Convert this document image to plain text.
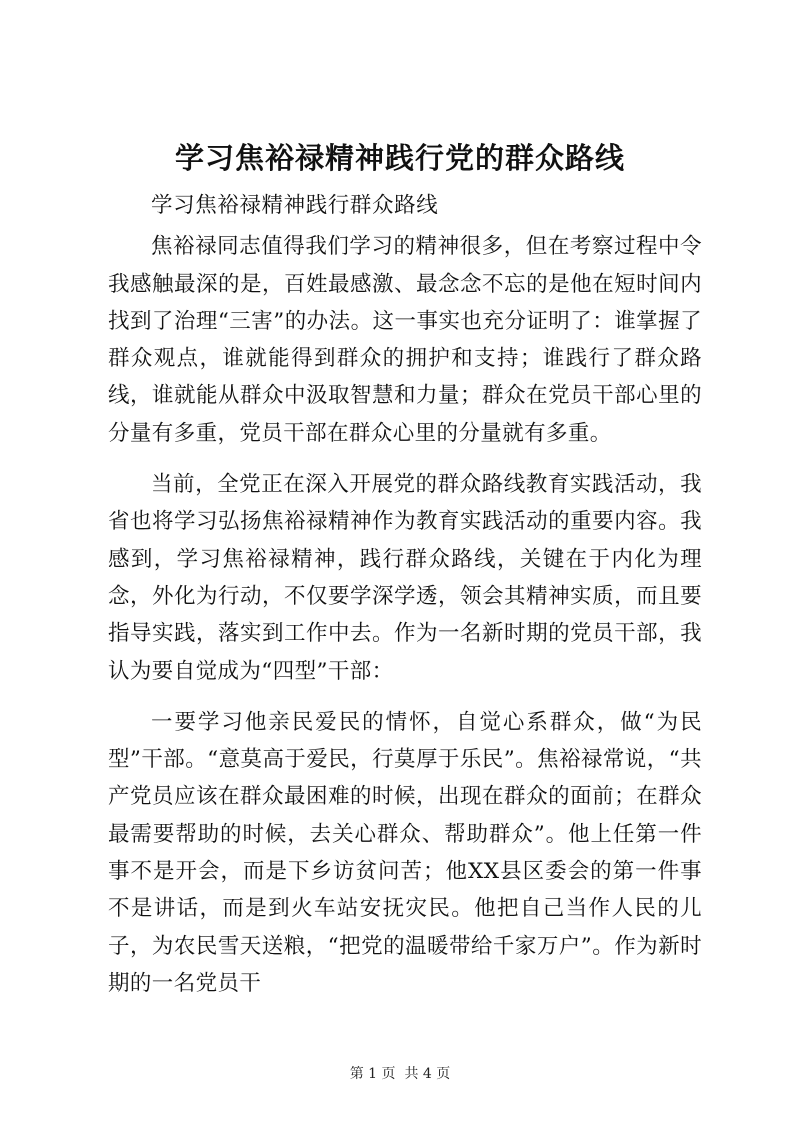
学习焦裕禄精神践行党的群众路线

学习焦裕禄精神践行群众路线

焦裕禄同志值得我们学习的精神很多，但在考察过程中令我感触最深的是，百姓最感激、最念念不忘的是他在短时间内找到了治理“三害”的办法。这一事实也充分证明了：谁掌握了群众观点，谁就能得到群众的拥护和支持；谁践行了群众路线，谁就能从群众中汲取智慧和力量；群众在党员干部心里的分量有多重，党员干部在群众心里的分量就有多重。

当前，全党正在深入开展党的群众路线教育实践活动，我省也将学习弘扬焦裕禄精神作为教育实践活动的重要内容。我感到，学习焦裕禄精神，践行群众路线，关键在于内化为理念，外化为行动，不仅要学深学透，领会其精神实质，而且要指导实践，落实到工作中去。作为一名新时期的党员干部，我认为要自觉成为“四型”干部：

一要学习他亲民爱民的情怀，自觉心系群众，做“为民型”干部。“意莫高于爱民，行莫厚于乐民”。焦裕禄常说，“共产党员应该在群众最困难的时候，出现在群众的面前；在群众最需要帮助的时候，去关心群众、帮助群众”。他上任第一件事不是开会，而是下乡访贫问苦；他XX县区委会的第一件事不是讲话，而是到火车站安抚灾民。他把自己当作人民的儿子，为农民雪天送粮，“把党的温暖带给千家万户”。作为新时期的一名党员干

第 1 页  共 4 页
